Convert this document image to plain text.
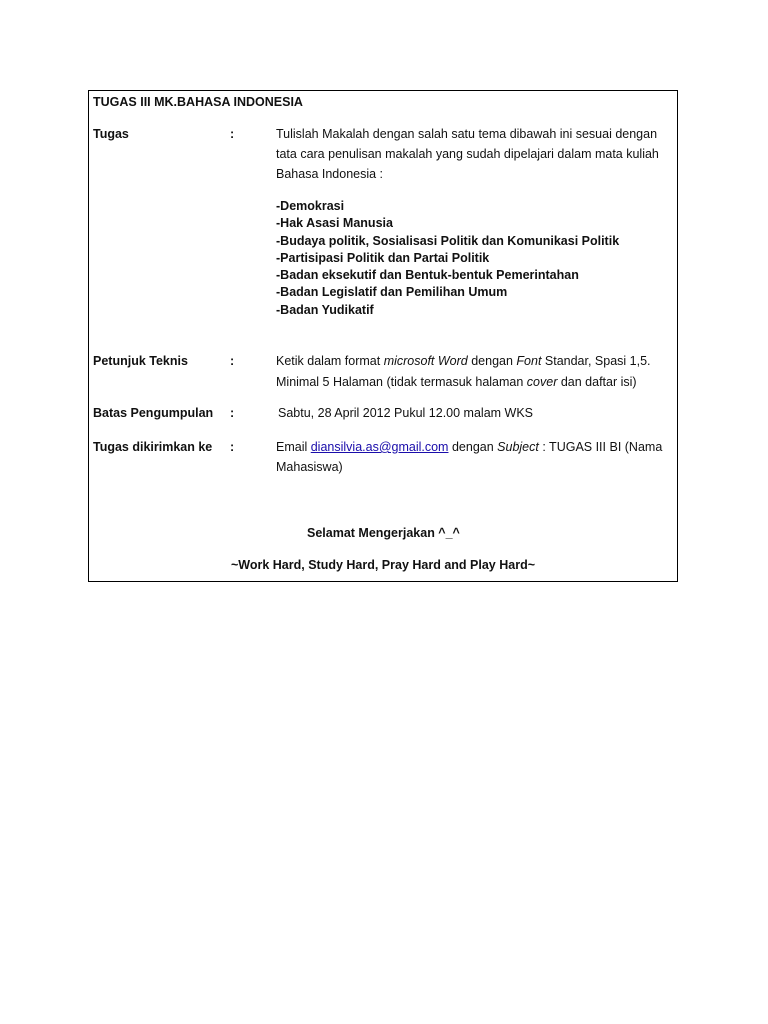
TUGAS III MK.BAHASA INDONESIA
Tugas	:	Tulislah Makalah dengan salah satu tema dibawah ini sesuai dengan
tata cara penulisan makalah yang sudah dipelajari dalam mata kuliah
Bahasa Indonesia :
-Demokrasi
-Hak Asasi Manusia
-Budaya politik, Sosialisasi Politik dan Komunikasi Politik
-Partisipasi Politik dan Partai Politik
-Badan eksekutif dan Bentuk-bentuk Pemerintahan
-Badan Legislatif dan Pemilihan Umum
-Badan Yudikatif
Petunjuk Teknis	:	Ketik dalam format microsoft Word dengan Font Standar, Spasi 1,5.
Minimal 5 Halaman (tidak termasuk halaman cover dan daftar isi)
Batas Pengumpulan :	Sabtu, 28 April 2012 Pukul 12.00 malam WKS
Tugas dikirimkan ke :	Email diansilvia.as@gmail.com dengan Subject : TUGAS III BI (Nama
Mahasiswa)
Selamat Mengerjakan ^_^
~Work Hard, Study Hard, Pray Hard and Play Hard~
